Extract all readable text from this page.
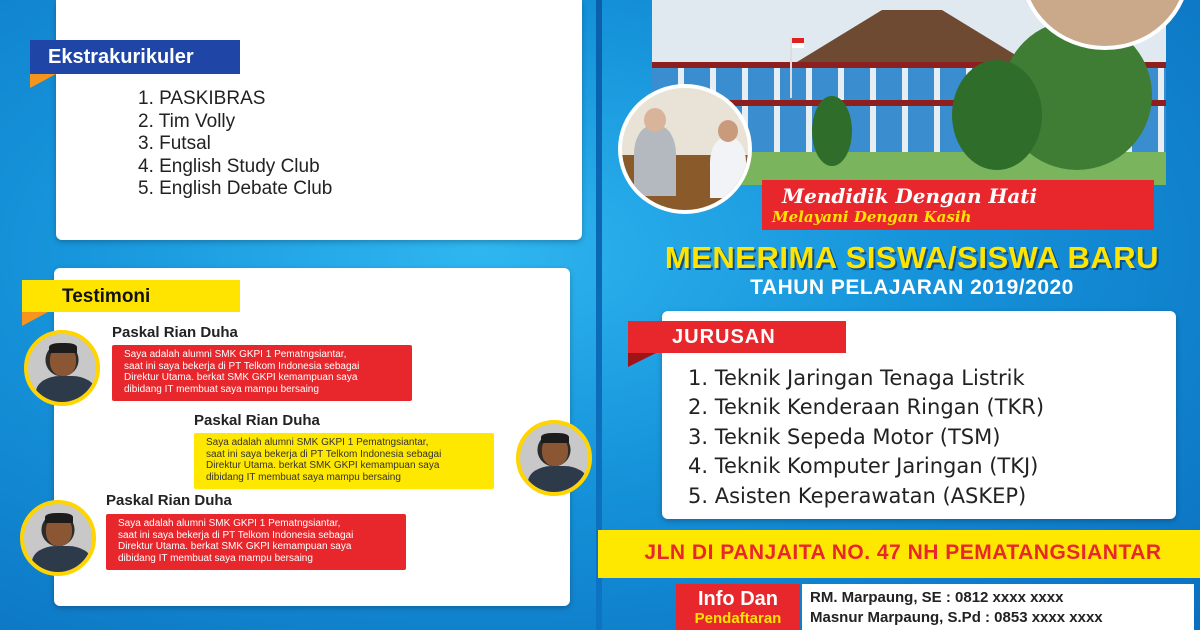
Ekstrakurikuler
1. PASKIBRAS
2. Tim Volly
3. Futsal
4. English Study Club
5. English Debate Club
Testimoni
Paskal Rian Duha
Saya adalah alumni SMK GKPI 1 Pematngsiantar,
saat ini saya bekerja di PT Telkom Indonesia sebagai
Direktur Utama. berkat SMK GKPI kemampuan saya
dibidang IT membuat saya mampu bersaing
Paskal Rian Duha
Saya adalah alumni SMK GKPI 1 Pematngsiantar,
saat ini saya bekerja di PT Telkom Indonesia sebagai
Direktur Utama. berkat SMK GKPI kemampuan saya
dibidang IT membuat saya mampu bersaing
Paskal Rian Duha
Saya adalah alumni SMK GKPI 1 Pematngsiantar,
saat ini saya bekerja di PT Telkom Indonesia sebagai
Direktur Utama. berkat SMK GKPI kemampuan saya
dibidang IT membuat saya mampu bersaing
Mendidik Dengan Hati
Melayani Dengan Kasih
MENERIMA SISWA/SISWA BARU
TAHUN PELAJARAN 2019/2020
JURUSAN
1. Teknik Jaringan Tenaga Listrik
2. Teknik Kenderaan Ringan (TKR)
3. Teknik Sepeda Motor (TSM)
4. Teknik Komputer Jaringan (TKJ)
5. Asisten Keperawatan (ASKEP)
JLN DI PANJAITA NO. 47 NH PEMATANGSIANTAR
Info Dan
Pendaftaran
RM. Marpaung, SE : 0812 xxxx xxxx
Masnur Marpaung, S.Pd : 0853 xxxx xxxx
